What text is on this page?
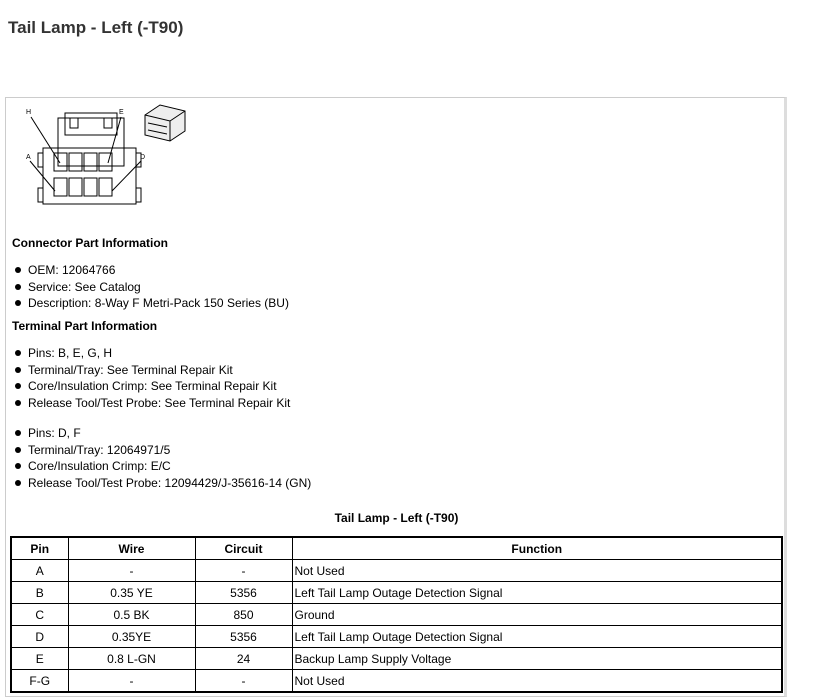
Tail Lamp - Left (-T90)
H	E
A	D
Connector Part Information
OEM: 12064766
Service: See Catalog
Description: 8-Way F Metri-Pack 150 Series (BU)
Terminal Part Information
Pins: B, E, G, H
Terminal/Tray: See Terminal Repair Kit
Core/Insulation Crimp: See Terminal Repair Kit
Release Tool/Test Probe: See Terminal Repair Kit
Pins: D, F
Terminal/Tray: 12064971/5
Core/Insulation Crimp: E/C
Release Tool/Test Probe: 12094429/J-35616-14 (GN)
Tail Lamp - Left (-T90)
Pin	Wire	Circuit	Function
A	-	-	Not Used
B	0.35 YE	5356	Left Tail Lamp Outage Detection Signal
C	0.5 BK	850	Ground
D	0.35YE	5356	Left Tail Lamp Outage Detection Signal
E	0.8 L-GN	24	Backup Lamp Supply Voltage
F-G	-	-	Not Used
